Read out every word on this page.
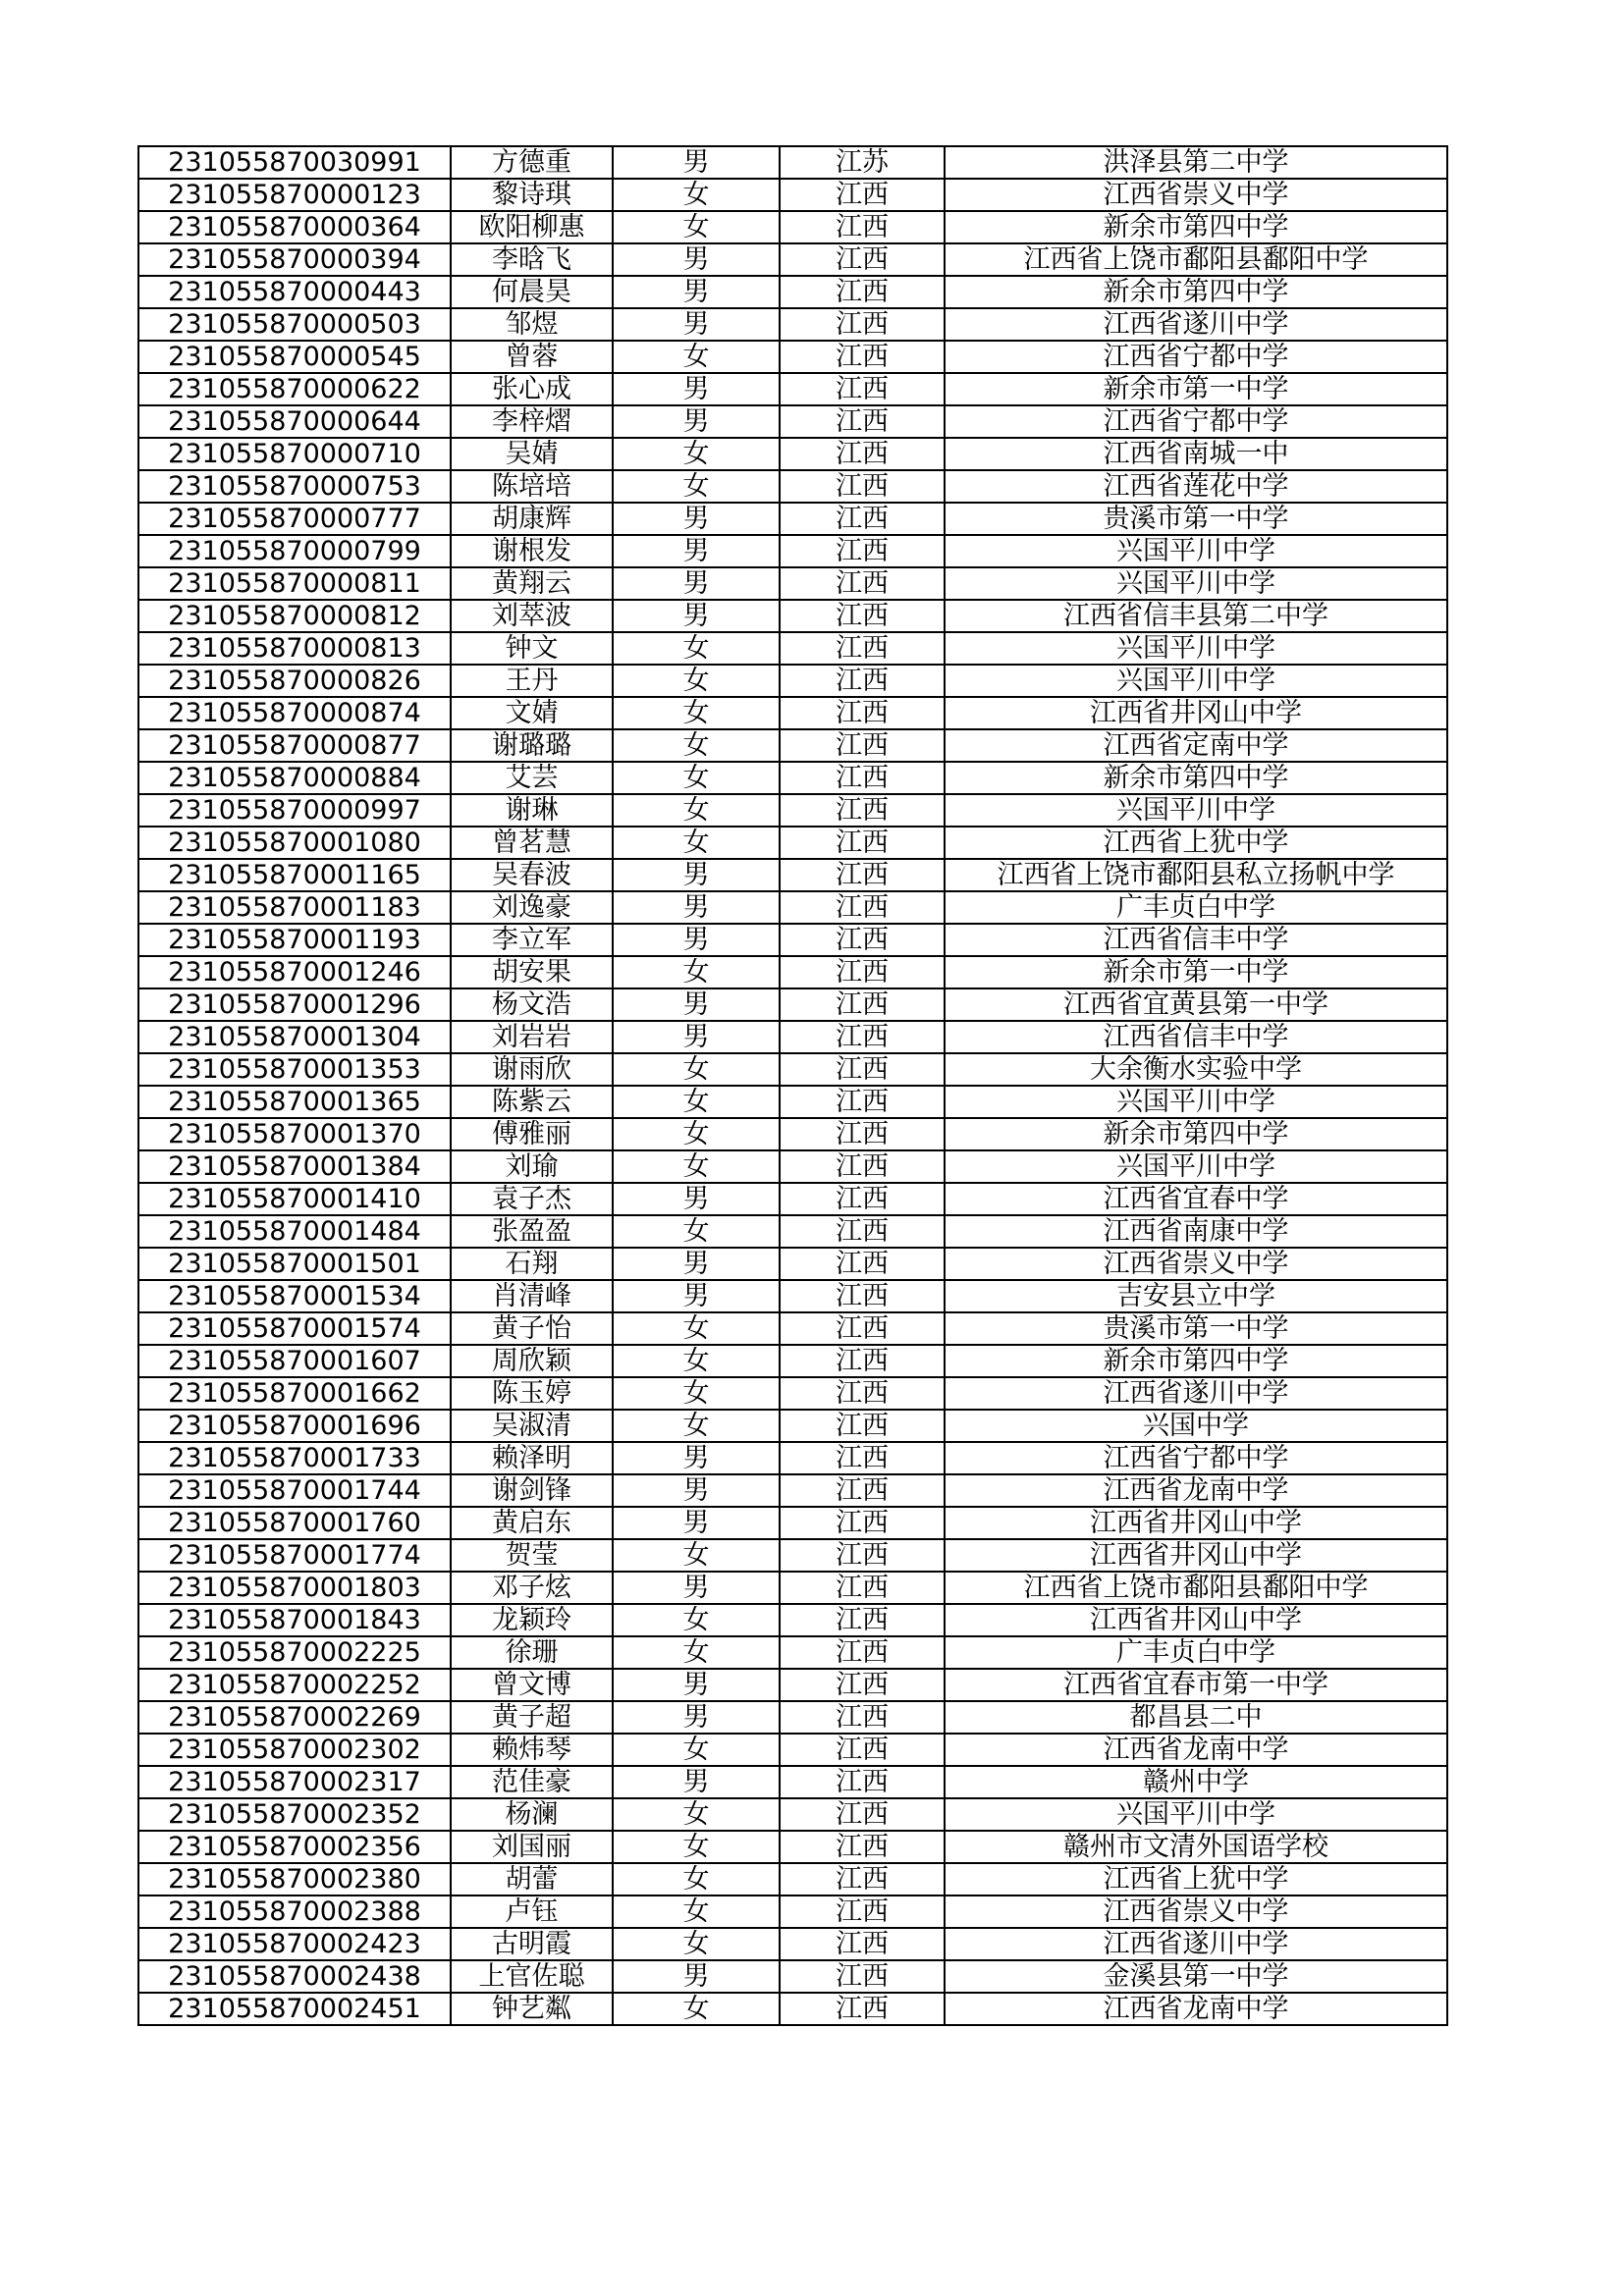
231055870030991	方德重	男	江苏	洪泽县第二中学
231055870000123	黎诗琪	女	江西	江西省崇义中学
231055870000364	欧阳柳惠	女	江西	新余市第四中学
231055870000394	李晗飞	男	江西	江西省上饶市鄱阳县鄱阳中学
231055870000443	何晨昊	男	江西	新余市第四中学
231055870000503	邹煜	男	江西	江西省遂川中学
231055870000545	曾蓉	女	江西	江西省宁都中学
231055870000622	张心成	男	江西	新余市第一中学
231055870000644	李梓熠	男	江西	江西省宁都中学
231055870000710	吴婧	女	江西	江西省南城一中
231055870000753	陈培培	女	江西	江西省莲花中学
231055870000777	胡康辉	男	江西	贵溪市第一中学
231055870000799	谢根发	男	江西	兴国平川中学
231055870000811	黄翔云	男	江西	兴国平川中学
231055870000812	刘萃波	男	江西	江西省信丰县第二中学
231055870000813	钟文	女	江西	兴国平川中学
231055870000826	王丹	女	江西	兴国平川中学
231055870000874	文婧	女	江西	江西省井冈山中学
231055870000877	谢璐璐	女	江西	江西省定南中学
231055870000884	艾芸	女	江西	新余市第四中学
231055870000997	谢琳	女	江西	兴国平川中学
231055870001080	曾茗慧	女	江西	江西省上犹中学
231055870001165	吴春波	男	江西	江西省上饶市鄱阳县私立扬帆中学
231055870001183	刘逸豪	男	江西	广丰贞白中学
231055870001193	李立军	男	江西	江西省信丰中学
231055870001246	胡安果	女	江西	新余市第一中学
231055870001296	杨文浩	男	江西	江西省宜黄县第一中学
231055870001304	刘岩岩	男	江西	江西省信丰中学
231055870001353	谢雨欣	女	江西	大余衡水实验中学
231055870001365	陈紫云	女	江西	兴国平川中学
231055870001370	傅雅丽	女	江西	新余市第四中学
231055870001384	刘瑜	女	江西	兴国平川中学
231055870001410	袁子杰	男	江西	江西省宜春中学
231055870001484	张盈盈	女	江西	江西省南康中学
231055870001501	石翔	男	江西	江西省崇义中学
231055870001534	肖清峰	男	江西	吉安县立中学
231055870001574	黄子怡	女	江西	贵溪市第一中学
231055870001607	周欣颖	女	江西	新余市第四中学
231055870001662	陈玉婷	女	江西	江西省遂川中学
231055870001696	吴淑清	女	江西	兴国中学
231055870001733	赖泽明	男	江西	江西省宁都中学
231055870001744	谢剑锋	男	江西	江西省龙南中学
231055870001760	黄启东	男	江西	江西省井冈山中学
231055870001774	贺莹	女	江西	江西省井冈山中学
231055870001803	邓子炫	男	江西	江西省上饶市鄱阳县鄱阳中学
231055870001843	龙颖玲	女	江西	江西省井冈山中学
231055870002225	徐珊	女	江西	广丰贞白中学
231055870002252	曾文博	男	江西	江西省宜春市第一中学
231055870002269	黄子超	男	江西	都昌县二中
231055870002302	赖炜琴	女	江西	江西省龙南中学
231055870002317	范佳豪	男	江西	赣州中学
231055870002352	杨澜	女	江西	兴国平川中学
231055870002356	刘国丽	女	江西	赣州市文清外国语学校
231055870002380	胡蕾	女	江西	江西省上犹中学
231055870002388	卢钰	女	江西	江西省崇义中学
231055870002423	古明霞	女	江西	江西省遂川中学
231055870002438	上官佐聪	男	江西	金溪县第一中学
231055870002451	钟艺粼	女	江西	江西省龙南中学
